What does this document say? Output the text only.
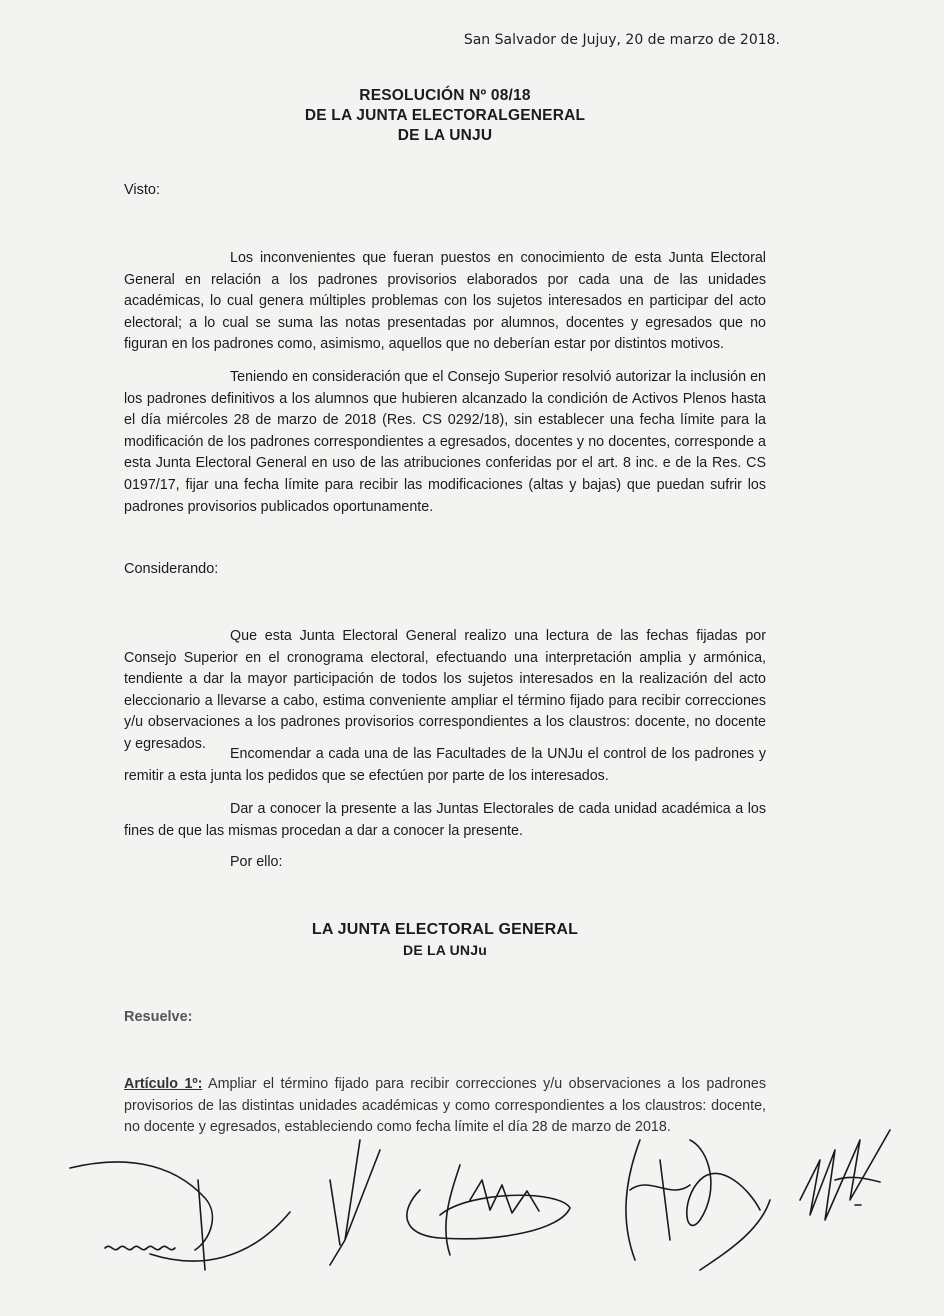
San Salvador de Jujuy, 20 de marzo de 2018.
RESOLUCIÓN Nº 08/18
DE LA JUNTA ELECTORALGENERAL
DE LA UNJU
Visto:

Los inconvenientes que fueran puestos en conocimiento de esta Junta Electoral General en relación a los padrones provisorios elaborados por cada una de las unidades académicas, lo cual genera múltiples problemas con los sujetos interesados en participar del acto electoral; a lo cual se suma las notas presentadas por alumnos, docentes y egresados que no figuran en los padrones como, asimismo, aquellos que no deberían estar por distintos motivos.

Teniendo en consideración que el Consejo Superior resolvió autorizar la inclusión en los padrones definitivos a los alumnos que hubieren alcanzado la condición de Activos Plenos hasta el día miércoles 28 de marzo de 2018 (Res. CS 0292/18), sin establecer una fecha límite para la modificación de los padrones correspondientes a egresados, docentes y no docentes, corresponde a esta Junta Electoral General en uso de las atribuciones conferidas por el art. 8 inc. e de la Res. CS 0197/17, fijar una fecha límite para recibir las modificaciones (altas y bajas) que puedan sufrir los padrones provisorios publicados oportunamente.

Considerando:

Que esta Junta Electoral General realizo una lectura de las fechas fijadas por Consejo Superior en el cronograma electoral, efectuando una interpretación amplia y armónica, tendiente a dar la mayor participación de todos los sujetos interesados en la realización del acto eleccionario a llevarse a cabo, estima conveniente ampliar el término fijado para recibir correcciones y/u observaciones a los padrones provisorios correspondientes a los claustros: docente, no docente y egresados.

Encomendar a cada una de las Facultades de la UNJu el control de los padrones y remitir a esta junta los pedidos que se efectúen por parte de los interesados.

Dar a conocer la presente a las Juntas Electorales de cada unidad académica a los fines de que las mismas procedan a dar a conocer la presente.

Por ello:

LA JUNTA ELECTORAL GENERAL
DE LA UNJu
Resuelve:

Artículo 1º: Ampliar el término fijado para recibir correcciones y/u observaciones a los padrones provisorios de las distintas unidades académicas y como correspondientes a los claustros: docente, no docente y egresados, estableciendo como fecha límite el día 28 de marzo de 2018.
